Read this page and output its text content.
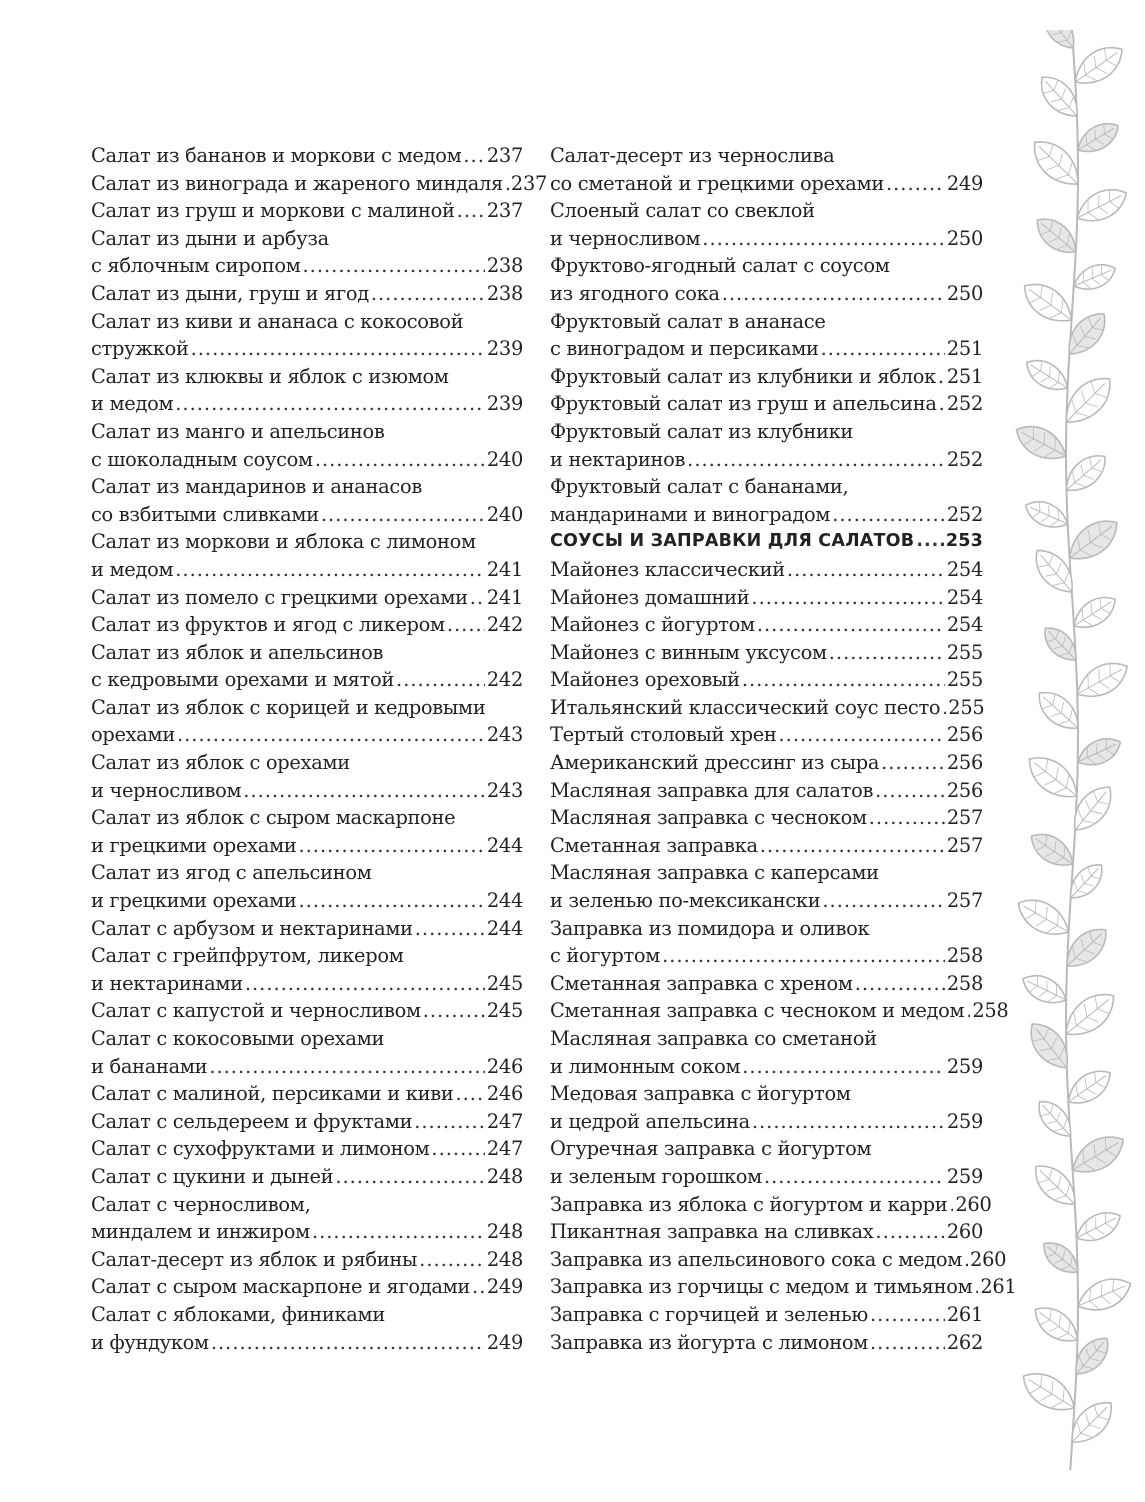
Салат из бананов и моркови с медом ..... 237
Салат из винограда и жареного миндаля ..... 237
Салат из груш и моркови с малиной ..... 237
Салат из дыни и арбуза
с яблочным сиропом .....	238
Салат из дыни, груш и ягод .....	238
Салат из киви и ананаса с кокосовой
стружкой .....	239
Салат из клюквы и яблок с изюмом
и медом .....	239
Салат из манго и апельсинов
с шоколадным соусом .....	240
Салат из мандаринов и ананасов
со взбитыми сливками .....	240
Салат из моркови и яблока с лимоном
и медом .....	241
Салат из помело с грецкими орехами ..... 241
Салат из фруктов и ягод с ликером ..... 242
Салат из яблок и апельсинов
с кедровыми орехами и мятой .....	242
Салат из яблок с корицей и кедровыми
орехами .....	243
Салат из яблок с орехами
и черносливом .....	243
Салат из яблок с сыром маскарпоне
и грецкими орехами .....	244
Салат из ягод с апельсином
и грецкими орехами .....	244
Салат с арбузом и нектаринами .....	244
Салат с грейпфрутом, ликером
и нектаринами .....	245
Салат с капустой и черносливом .....	245
Салат с кокосовыми орехами
и бананами .....	246
Салат с малиной, персиками и киви ..... 246
Салат с сельдереем и фруктами .....	247
Салат с сухофруктами и лимоном .....	247
Салат с цукини и дыней .....	248
Салат с черносливом,
миндалем и инжиром .....	248
Салат-десерт из яблок и рябины .....	248
Салат с сыром маскарпоне и ягодами ..... 249
Салат с яблоками, финиками
и фундуком .....	249
Салат-десерт из чернослива
со сметаной и грецкими орехами .....	249
Слоеный салат со свеклой
и черносливом .....	250
Фруктово-ягодный салат с соусом
из ягодного сока .....	250
Фруктовый салат в ананасе
с виноградом и персиками .....	251
Фруктовый салат из клубники и яблок ..... 251
Фруктовый салат из груш и апельсина ..... 252
Фруктовый салат из клубники
и нектаринов .....	252
Фруктовый салат с бананами,
мандаринами и виноградом .....	252
СОУСЫ И ЗАПРАВКИ ДЛЯ САЛАТОВ ..... 253
Майонез классический .....	254
Майонез домашний .....	254
Майонез с йогуртом .....	254
Майонез с винным уксусом .....	255
Майонез ореховый .....	255
Итальянский классический соус песто ..... 255
Тертый столовый хрен .....	256
Американский дрессинг из сыра .....	256
Масляная заправка для салатов .....	256
Масляная заправка с чесноком .....	257
Сметанная заправка .....	257
Масляная заправка с каперсами
и зеленью по-мексикански .....	257
Заправка из помидора и оливок
с йогуртом .....	258
Сметанная заправка с хреном .....	258
Сметанная заправка с чесноком и медом ..... 258
Масляная заправка со сметаной
и лимонным соком .....	259
Медовая заправка с йогуртом
и цедрой апельсина .....	259
Огуречная заправка с йогуртом
и зеленым горошком .....	259
Заправка из яблока с йогуртом и карри ..... 260
Пикантная заправка на сливках .....	260
Заправка из апельсинового сока с медом ..... 260
Заправка из горчицы с медом и тимьяном ..... 261
Заправка с горчицей и зеленью .....	261
Заправка из йогурта с лимоном .....	262
